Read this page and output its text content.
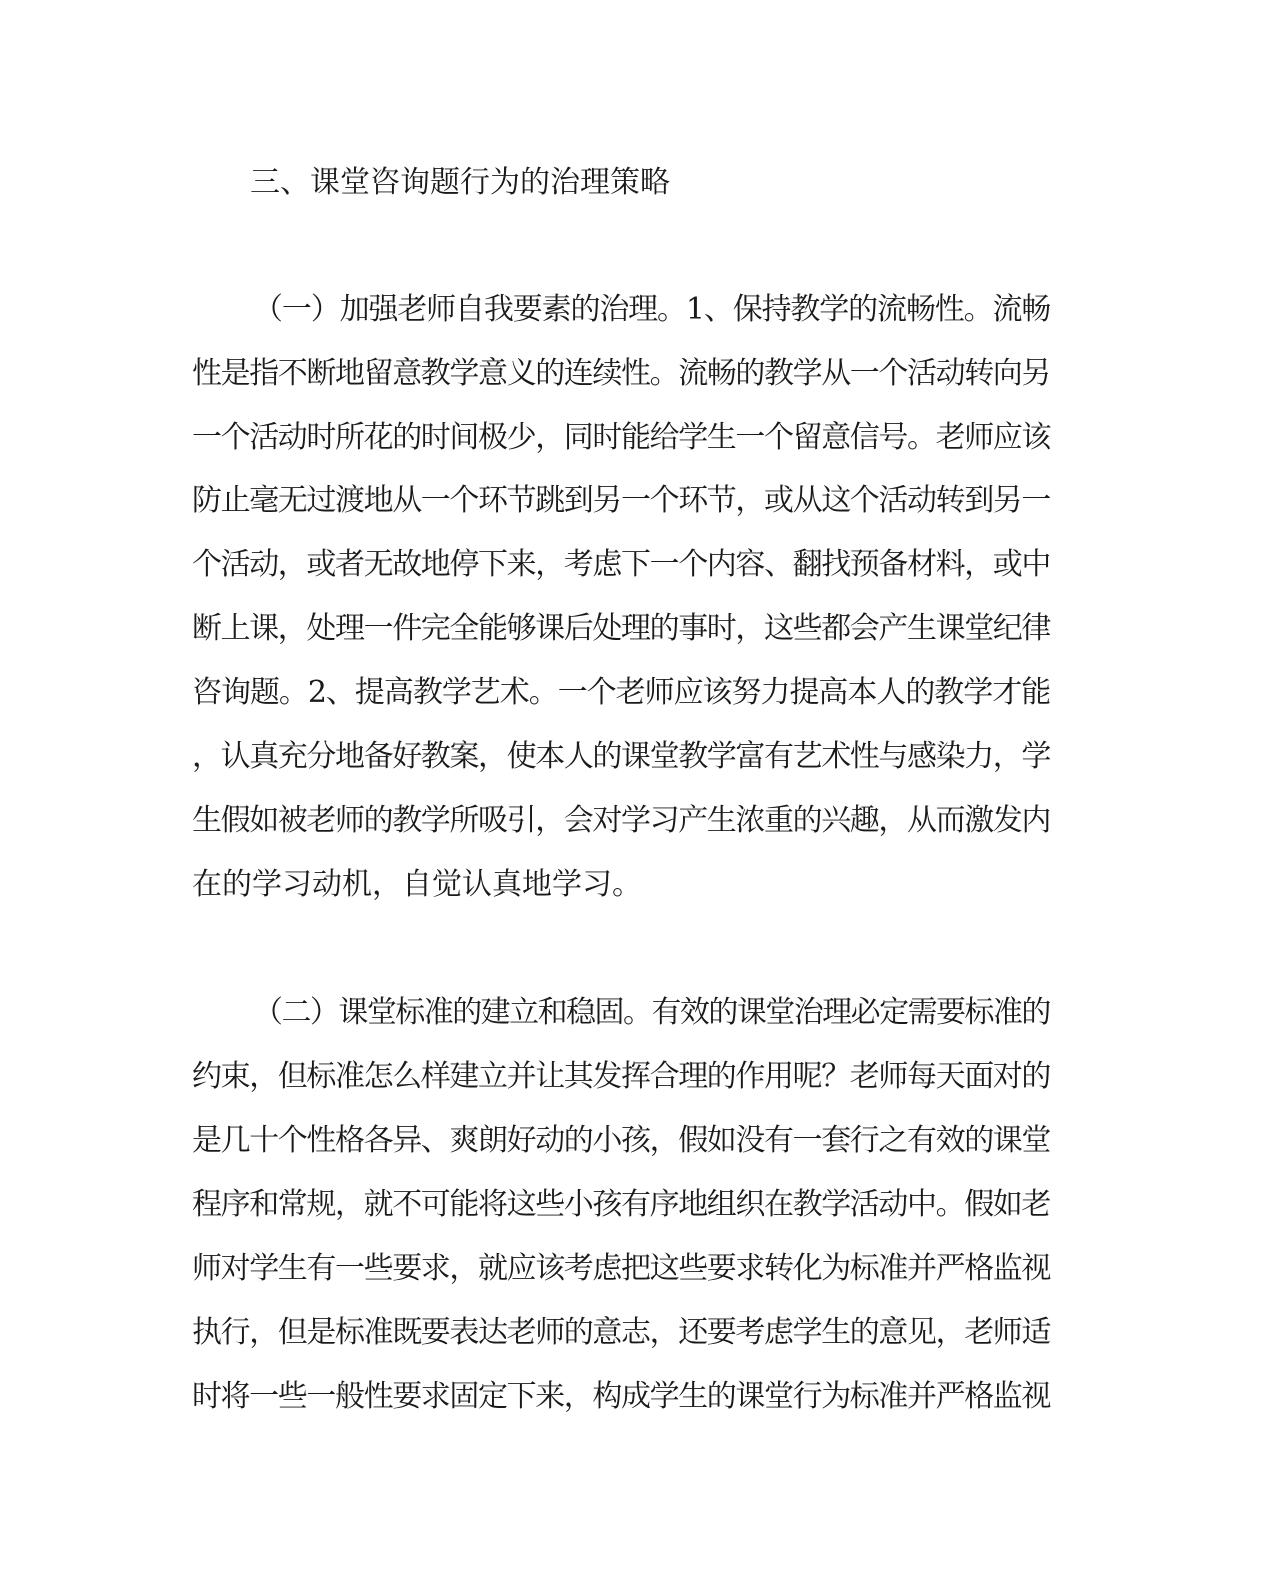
三、课堂咨询题行为的治理策略
（一）加强老师自我要素的治理。1、保持教学的流畅性。流畅
性是指不断地留意教学意义的连续性。流畅的教学从一个活动转向另
一个活动时所花的时间极少，同时能给学生一个留意信号。老师应该
防止毫无过渡地从一个环节跳到另一个环节，或从这个活动转到另一
个活动，或者无故地停下来，考虑下一个内容、翻找预备材料，或中
断上课，处理一件完全能够课后处理的事时，这些都会产生课堂纪律
咨询题。2、提高教学艺术。一个老师应该努力提高本人的教学才能
，认真充分地备好教案，使本人的课堂教学富有艺术性与感染力，学
生假如被老师的教学所吸引，会对学习产生浓重的兴趣，从而激发内
在的学习动机，自觉认真地学习。
（二）课堂标准的建立和稳固。有效的课堂治理必定需要标准的
约束，但标准怎么样建立并让其发挥合理的作用呢？老师每天面对的
是几十个性格各异、爽朗好动的小孩，假如没有一套行之有效的课堂
程序和常规，就不可能将这些小孩有序地组织在教学活动中。假如老
师对学生有一些要求，就应该考虑把这些要求转化为标准并严格监视
执行，但是标准既要表达老师的意志，还要考虑学生的意见，老师适
时将一些一般性要求固定下来，构成学生的课堂行为标准并严格监视
